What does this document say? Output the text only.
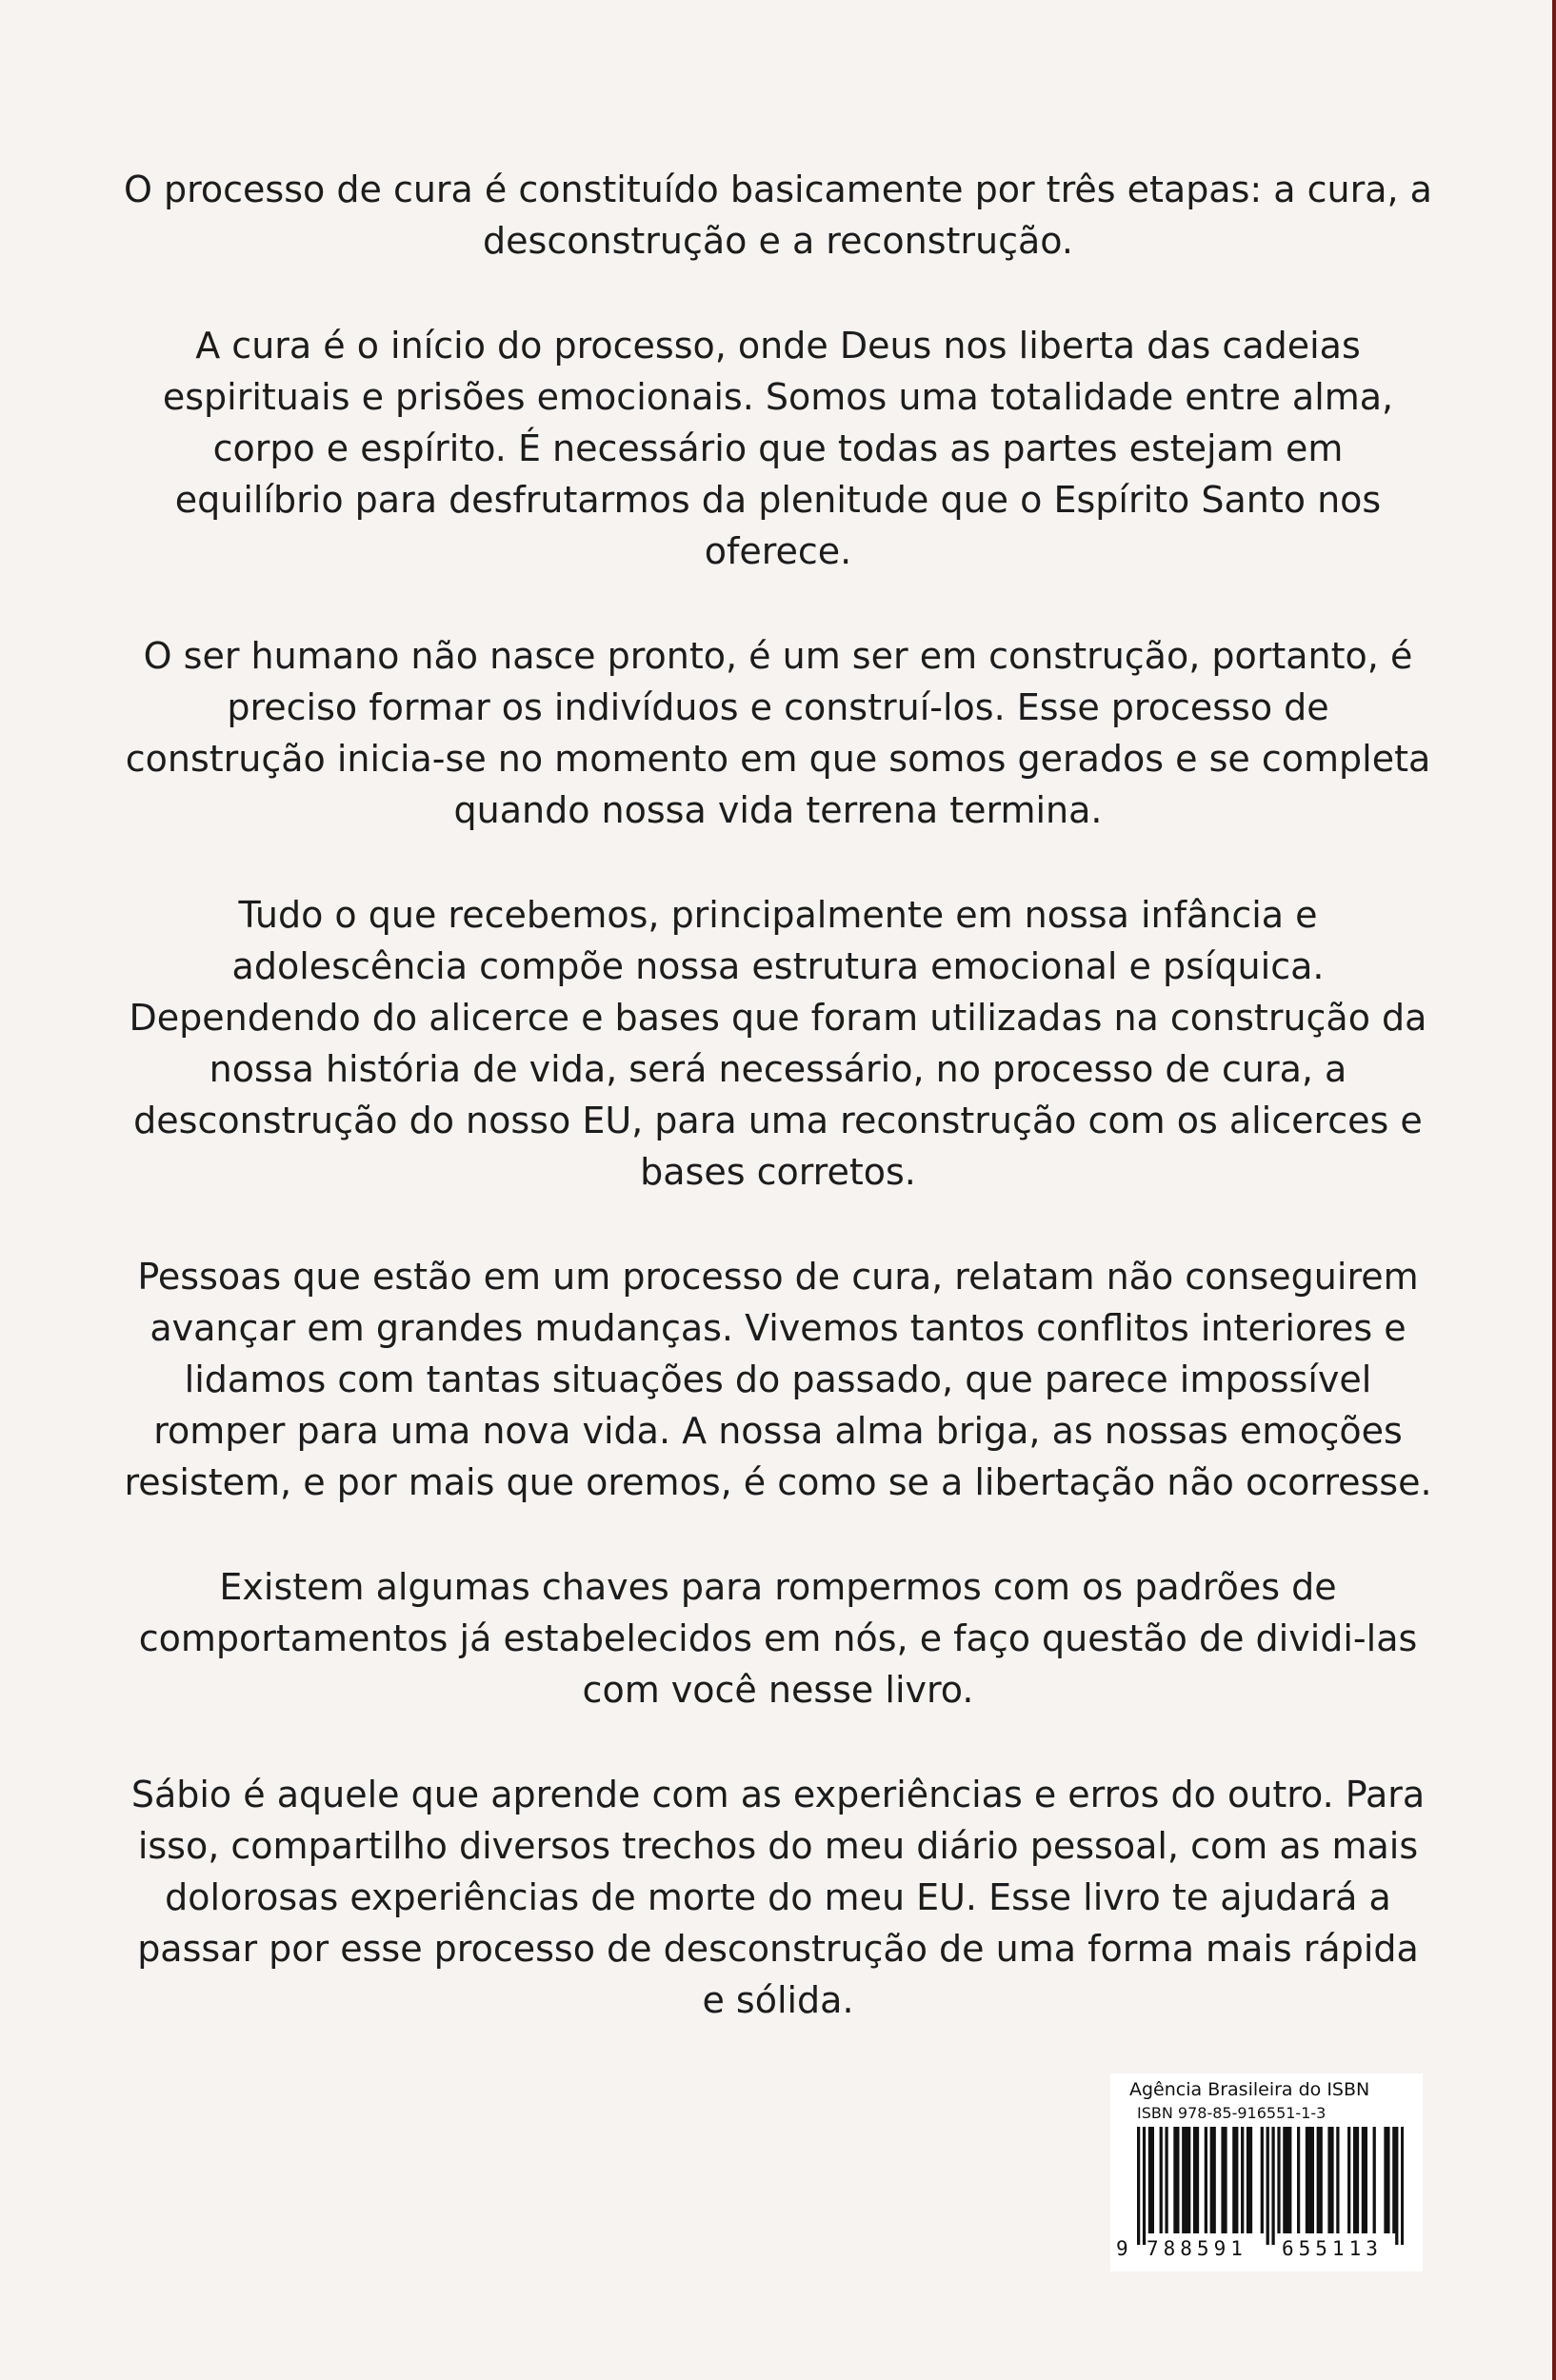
O processo de cura é constituído basicamente por três etapas: a cura, a desconstrução e a reconstrução.

A cura é o início do processo, onde Deus nos liberta das cadeias espirituais e prisões emocionais. Somos uma totalidade entre alma, corpo e espírito. É necessário que todas as partes estejam em equilíbrio para desfrutarmos da plenitude que o Espírito Santo nos oferece.

O ser humano não nasce pronto, é um ser em construção, portanto, é preciso formar os indivíduos e construí-los. Esse processo de construção inicia-se no momento em que somos gerados e se completa quando nossa vida terrena termina.

Tudo o que recebemos, principalmente em nossa infância e adolescência compõe nossa estrutura emocional e psíquica. Dependendo do alicerce e bases que foram utilizadas na construção da nossa história de vida, será necessário, no processo de cura, a desconstrução do nosso EU, para uma reconstrução com os alicerces e bases corretos.

Pessoas que estão em um processo de cura, relatam não conseguirem avançar em grandes mudanças. Vivemos tantos conflitos interiores e lidamos com tantas situações do passado, que parece impossível romper para uma nova vida. A nossa alma briga, as nossas emoções resistem, e por mais que oremos, é como se a libertação não ocorresse.

Existem algumas chaves para rompermos com os padrões de comportamentos já estabelecidos em nós, e faço questão de dividi-las com você nesse livro.

Sábio é aquele que aprende com as experiências e erros do outro. Para isso, compartilho diversos trechos do meu diário pessoal, com as mais dolorosas experiências de morte do meu EU. Esse livro te ajudará a passar por esse processo de desconstrução de uma forma mais rápida e sólida.

Agência Brasileira do ISBN
ISBN 978-85-916551-1-3
9 788591 655113
